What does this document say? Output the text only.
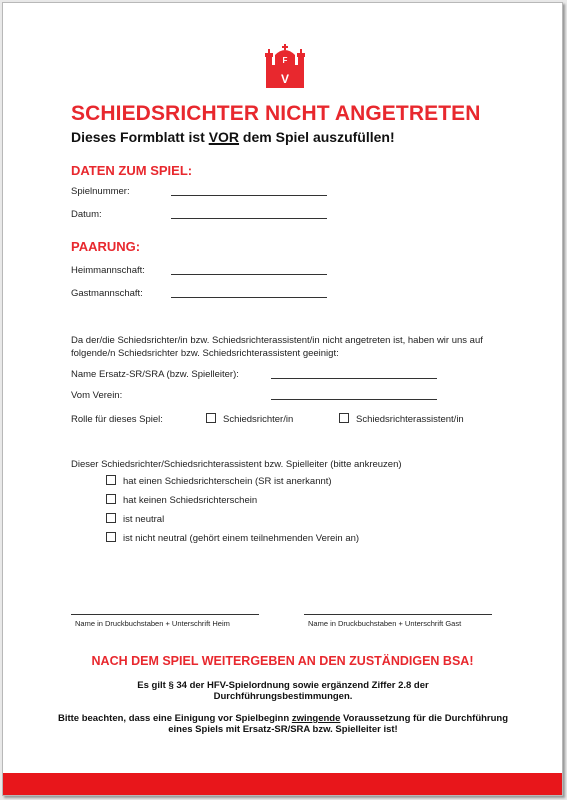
F
V
SCHIEDSRICHTER NICHT ANGETRETEN
Dieses Formblatt ist VOR dem Spiel auszufüllen!
DATEN ZUM SPIEL:
Spielnummer:
Datum:
PAARUNG:
Heimmannschaft:
Gastmannschaft:
Da der/die Schiedsrichter/in bzw. Schiedsrichterassistent/in nicht angetreten ist, haben wir uns auf folgende/n Schiedsrichter bzw. Schiedsrichterassistent geeinigt:
Name Ersatz-SR/SRA (bzw. Spielleiter):
Vom Verein:
Rolle für dieses Spiel:	Schiedsrichter/in	Schiedsrichterassistent/in
Dieser Schiedsrichter/Schiedsrichterassistent bzw. Spielleiter (bitte ankreuzen)
hat einen Schiedsrichterschein (SR ist anerkannt)
hat keinen Schiedsrichterschein
ist neutral
ist nicht neutral (gehört einem teilnehmenden Verein an)
Name in Druckbuchstaben + Unterschrift Heim	Name in Druckbuchstaben + Unterschrift Gast
NACH DEM SPIEL WEITERGEBEN AN DEN ZUSTÄNDIGEN BSA!
Es gilt § 34 der HFV-Spielordnung sowie ergänzend Ziffer 2.8 der
Durchführungsbestimmungen.
Bitte beachten, dass eine Einigung vor Spielbeginn zwingende Voraussetzung für die Durchführung eines Spiels mit Ersatz-SR/SRA bzw. Spielleiter ist!
